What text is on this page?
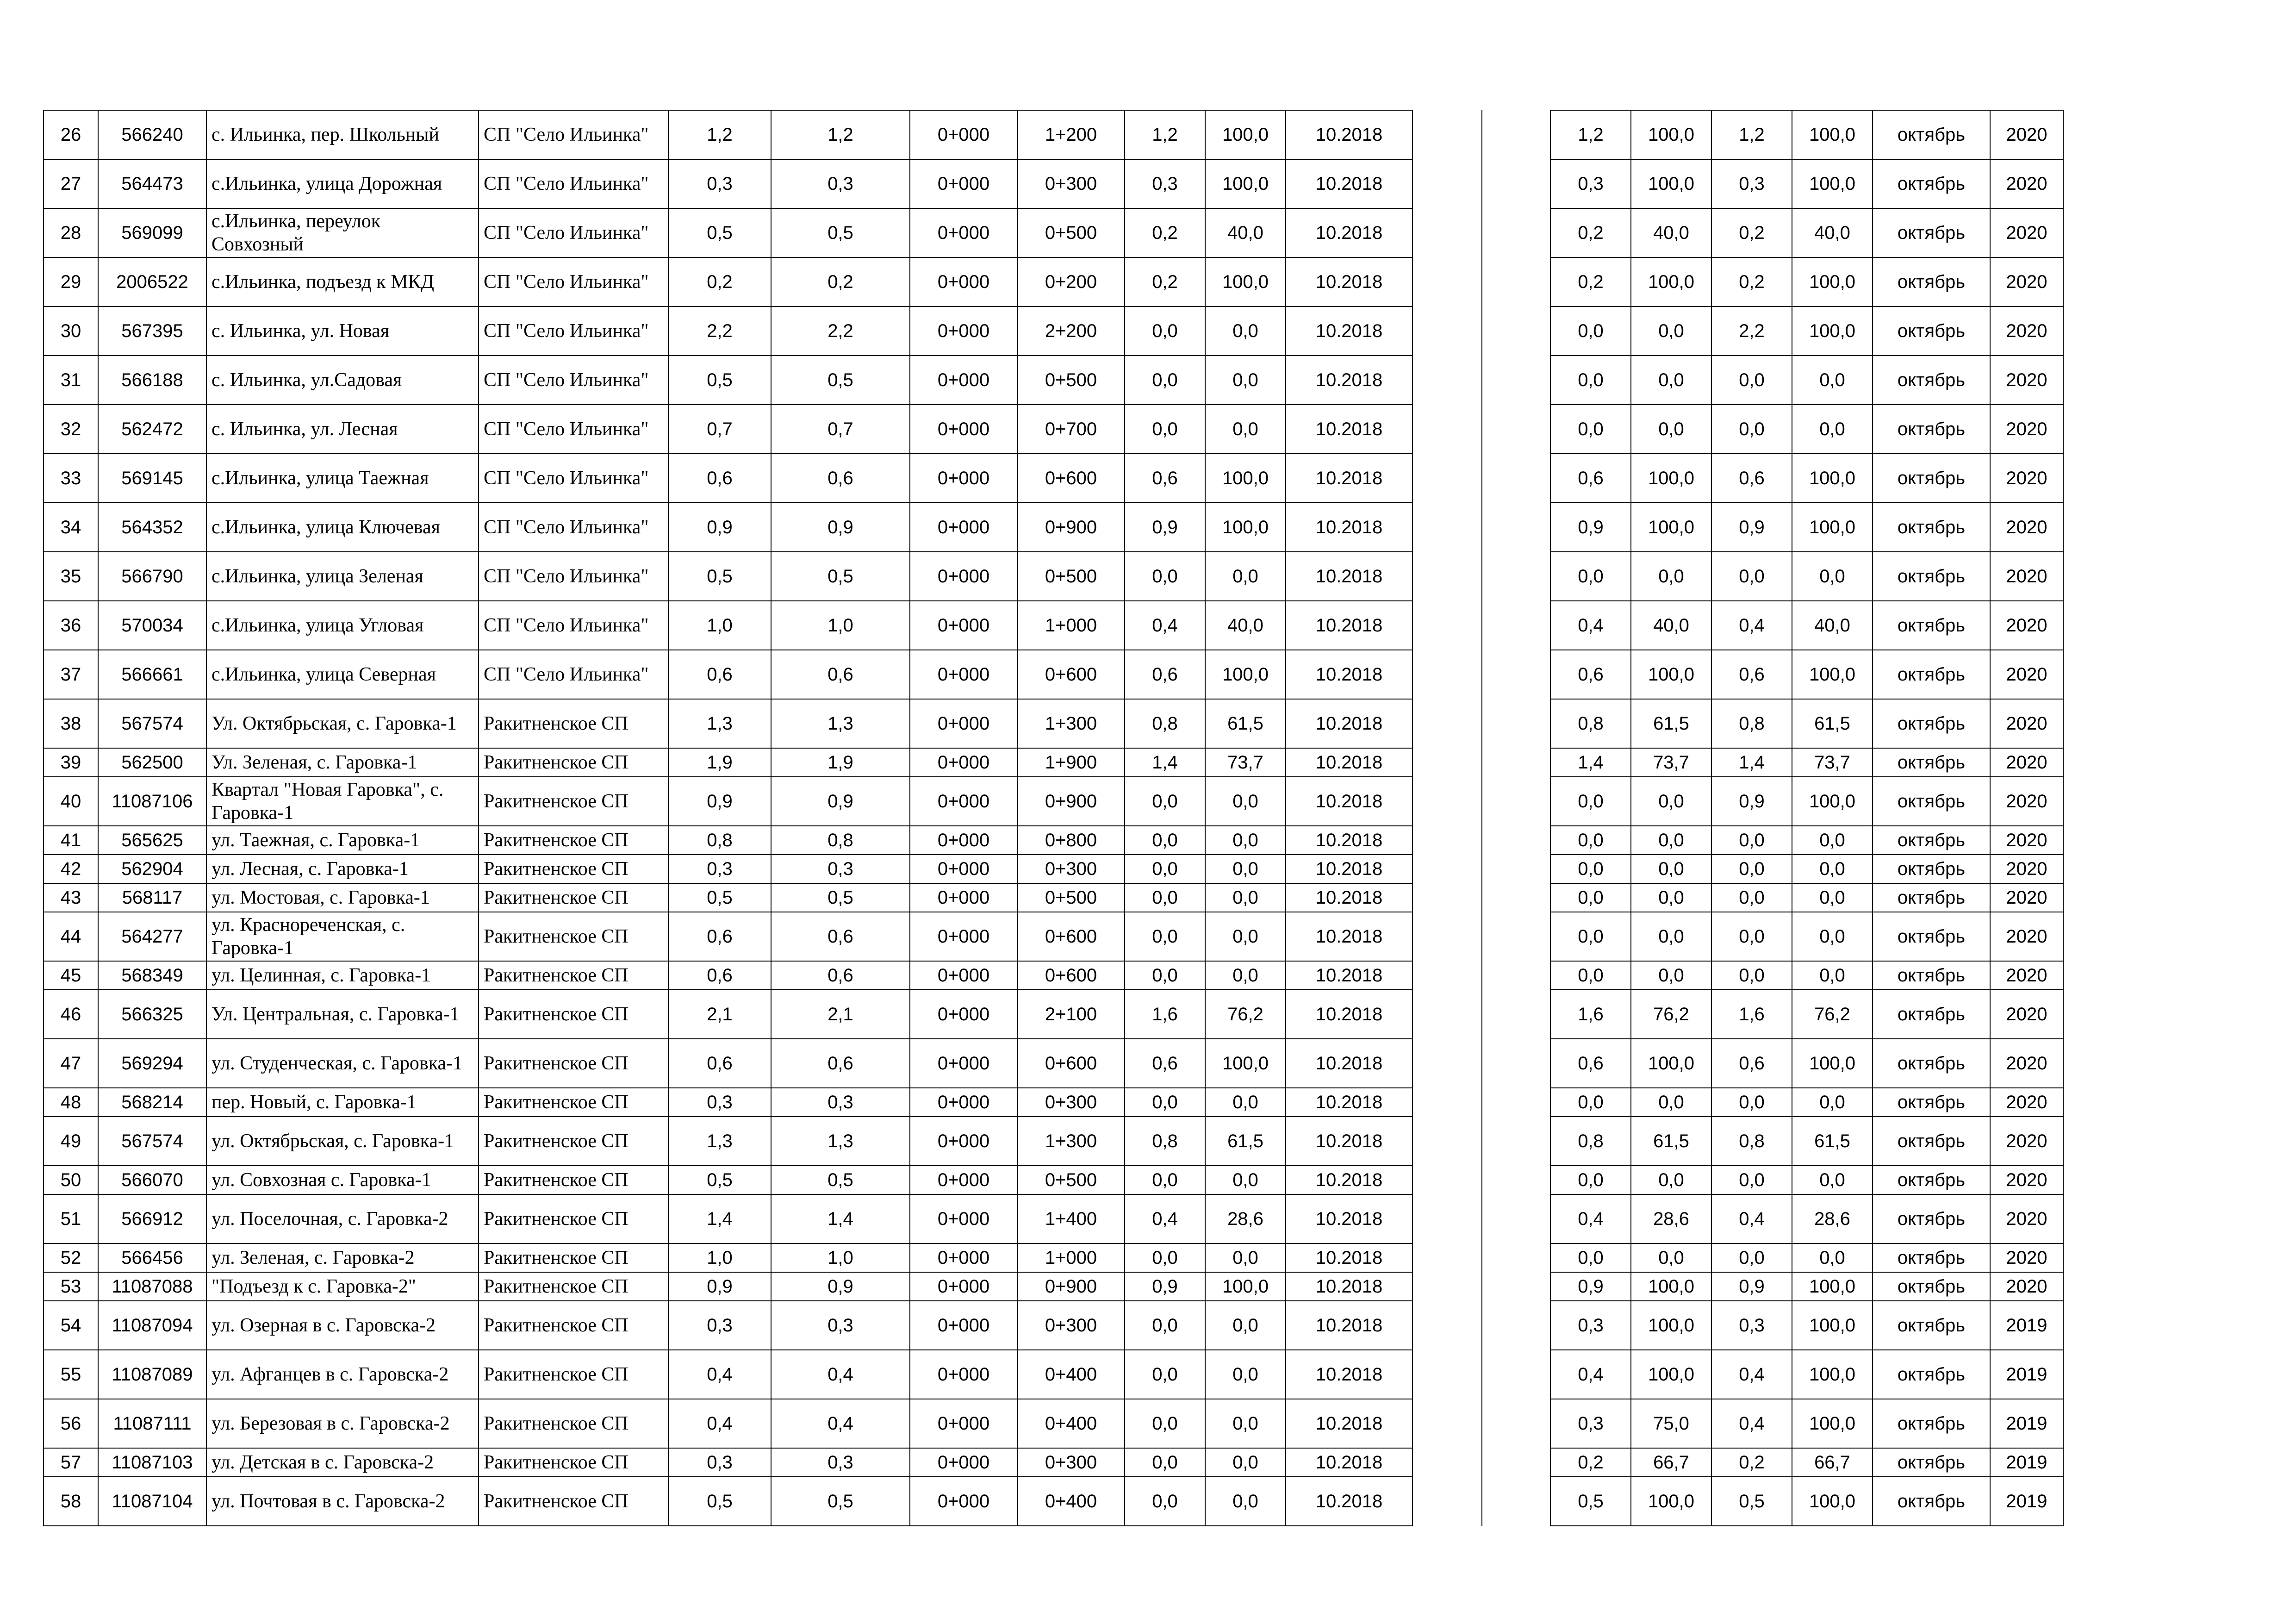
26	566240	с. Ильинка, пер. Школьный	СП "Село Ильинка"	1,2	1,2	0+000	1+200	1,2	100,0	10.2018			1,2	100,0	1,2	100,0	октябрь	2020
27	564473	с.Ильинка, улица Дорожная	СП "Село Ильинка"	0,3	0,3	0+000	0+300	0,3	100,0	10.2018			0,3	100,0	0,3	100,0	октябрь	2020
28	569099	с.Ильинка, переулок Совхозный	СП "Село Ильинка"	0,5	0,5	0+000	0+500	0,2	40,0	10.2018			0,2	40,0	0,2	40,0	октябрь	2020
29	2006522	с.Ильинка, подъезд к МКД	СП "Село Ильинка"	0,2	0,2	0+000	0+200	0,2	100,0	10.2018			0,2	100,0	0,2	100,0	октябрь	2020
30	567395	с. Ильинка, ул. Новая	СП "Село Ильинка"	2,2	2,2	0+000	2+200	0,0	0,0	10.2018			0,0	0,0	2,2	100,0	октябрь	2020
31	566188	с. Ильинка, ул.Садовая	СП "Село Ильинка"	0,5	0,5	0+000	0+500	0,0	0,0	10.2018			0,0	0,0	0,0	0,0	октябрь	2020
32	562472	с. Ильинка, ул. Лесная	СП "Село Ильинка"	0,7	0,7	0+000	0+700	0,0	0,0	10.2018			0,0	0,0	0,0	0,0	октябрь	2020
33	569145	с.Ильинка, улица Таежная	СП "Село Ильинка"	0,6	0,6	0+000	0+600	0,6	100,0	10.2018			0,6	100,0	0,6	100,0	октябрь	2020
34	564352	с.Ильинка, улица Ключевая	СП "Село Ильинка"	0,9	0,9	0+000	0+900	0,9	100,0	10.2018			0,9	100,0	0,9	100,0	октябрь	2020
35	566790	с.Ильинка, улица Зеленая	СП "Село Ильинка"	0,5	0,5	0+000	0+500	0,0	0,0	10.2018			0,0	0,0	0,0	0,0	октябрь	2020
36	570034	с.Ильинка, улица Угловая	СП "Село Ильинка"	1,0	1,0	0+000	1+000	0,4	40,0	10.2018			0,4	40,0	0,4	40,0	октябрь	2020
37	566661	с.Ильинка, улица Северная	СП "Село Ильинка"	0,6	0,6	0+000	0+600	0,6	100,0	10.2018			0,6	100,0	0,6	100,0	октябрь	2020
38	567574	Ул. Октябрьская, с. Гаровка-1	Ракитненское СП	1,3	1,3	0+000	1+300	0,8	61,5	10.2018			0,8	61,5	0,8	61,5	октябрь	2020
39	562500	Ул. Зеленая, с. Гаровка-1	Ракитненское СП	1,9	1,9	0+000	1+900	1,4	73,7	10.2018			1,4	73,7	1,4	73,7	октябрь	2020
40	11087106	Квартал "Новая Гаровка", с. Гаровка-1	Ракитненское СП	0,9	0,9	0+000	0+900	0,0	0,0	10.2018			0,0	0,0	0,9	100,0	октябрь	2020
41	565625	ул. Таежная, с. Гаровка-1	Ракитненское СП	0,8	0,8	0+000	0+800	0,0	0,0	10.2018			0,0	0,0	0,0	0,0	октябрь	2020
42	562904	ул. Лесная, с. Гаровка-1	Ракитненское СП	0,3	0,3	0+000	0+300	0,0	0,0	10.2018			0,0	0,0	0,0	0,0	октябрь	2020
43	568117	ул. Мостовая, с. Гаровка-1	Ракитненское СП	0,5	0,5	0+000	0+500	0,0	0,0	10.2018			0,0	0,0	0,0	0,0	октябрь	2020
44	564277	ул. Краснореченская, с. Гаровка-1	Ракитненское СП	0,6	0,6	0+000	0+600	0,0	0,0	10.2018			0,0	0,0	0,0	0,0	октябрь	2020
45	568349	ул. Целинная, с. Гаровка-1	Ракитненское СП	0,6	0,6	0+000	0+600	0,0	0,0	10.2018			0,0	0,0	0,0	0,0	октябрь	2020
46	566325	Ул. Центральная, с. Гаровка-1	Ракитненское СП	2,1	2,1	0+000	2+100	1,6	76,2	10.2018			1,6	76,2	1,6	76,2	октябрь	2020
47	569294	ул. Студенческая, с. Гаровка-1	Ракитненское СП	0,6	0,6	0+000	0+600	0,6	100,0	10.2018			0,6	100,0	0,6	100,0	октябрь	2020
48	568214	пер. Новый, с. Гаровка-1	Ракитненское СП	0,3	0,3	0+000	0+300	0,0	0,0	10.2018			0,0	0,0	0,0	0,0	октябрь	2020
49	567574	ул. Октябрьская, с. Гаровка-1	Ракитненское СП	1,3	1,3	0+000	1+300	0,8	61,5	10.2018			0,8	61,5	0,8	61,5	октябрь	2020
50	566070	ул. Совхозная с. Гаровка-1	Ракитненское СП	0,5	0,5	0+000	0+500	0,0	0,0	10.2018			0,0	0,0	0,0	0,0	октябрь	2020
51	566912	ул. Поселочная, с. Гаровка-2	Ракитненское СП	1,4	1,4	0+000	1+400	0,4	28,6	10.2018			0,4	28,6	0,4	28,6	октябрь	2020
52	566456	ул. Зеленая, с. Гаровка-2	Ракитненское СП	1,0	1,0	0+000	1+000	0,0	0,0	10.2018			0,0	0,0	0,0	0,0	октябрь	2020
53	11087088	"Подъезд к с. Гаровка-2"	Ракитненское СП	0,9	0,9	0+000	0+900	0,9	100,0	10.2018			0,9	100,0	0,9	100,0	октябрь	2020
54	11087094	ул. Озерная в с. Гаровска-2	Ракитненское СП	0,3	0,3	0+000	0+300	0,0	0,0	10.2018			0,3	100,0	0,3	100,0	октябрь	2019
55	11087089	ул. Афганцев в с. Гаровска-2	Ракитненское СП	0,4	0,4	0+000	0+400	0,0	0,0	10.2018			0,4	100,0	0,4	100,0	октябрь	2019
56	11087111	ул. Березовая в с. Гаровска-2	Ракитненское СП	0,4	0,4	0+000	0+400	0,0	0,0	10.2018			0,3	75,0	0,4	100,0	октябрь	2019
57	11087103	ул. Детская в с. Гаровска-2	Ракитненское СП	0,3	0,3	0+000	0+300	0,0	0,0	10.2018			0,2	66,7	0,2	66,7	октябрь	2019
58	11087104	ул. Почтовая в с. Гаровска-2	Ракитненское СП	0,5	0,5	0+000	0+400	0,0	0,0	10.2018			0,5	100,0	0,5	100,0	октябрь	2019
